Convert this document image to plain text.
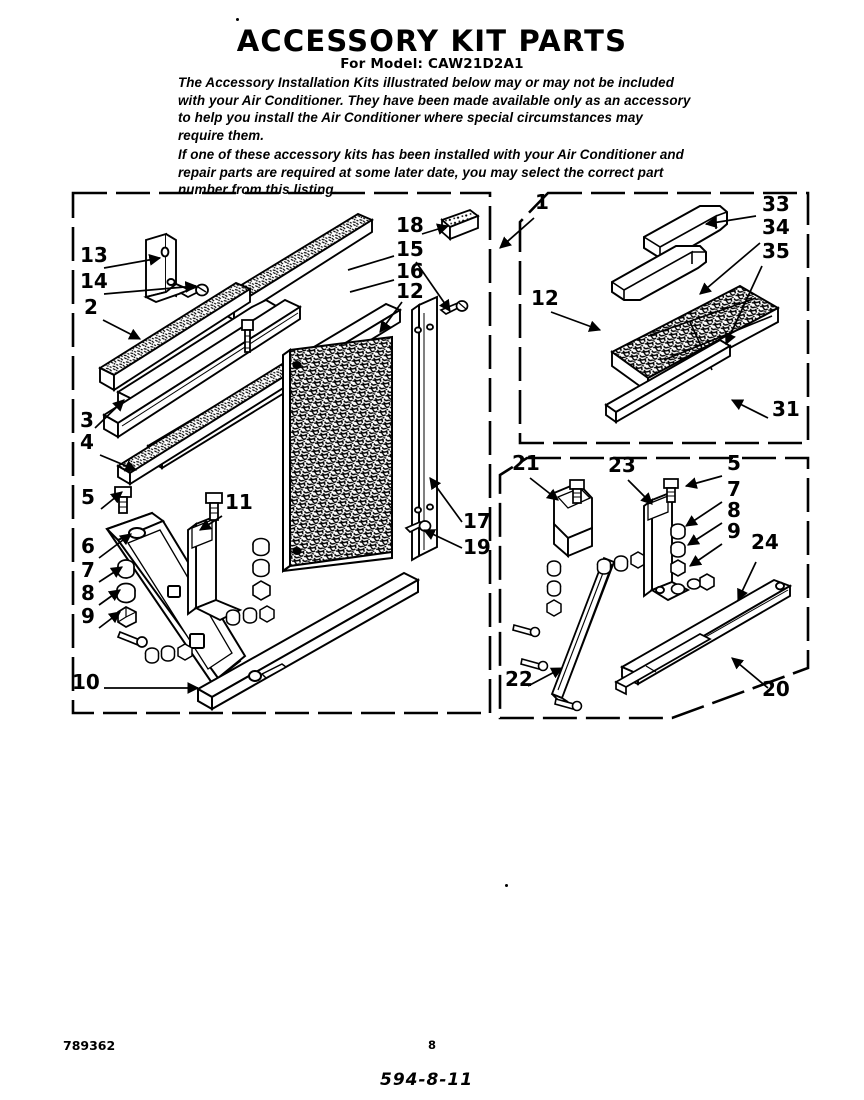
ACCESSORY KIT PARTS
For Model: CAW21D2A1
The Accessory Installation Kits illustrated below may or may not be included with your Air Conditioner. They have been made available only as an accessory to help you install the Air Conditioner where special circumstances may require them.
If one of these accessory kits has been installed with your Air Conditioner and repair parts are required at some later date, you may select the correct part number from this listing.
13
14
2
3
4
5
6
7
8
9
10
11
18
15
16
12
17
19
1	33
34
35
12
31
21	23	5
7
8
9 24
22	20
789362	8
594-8-11
